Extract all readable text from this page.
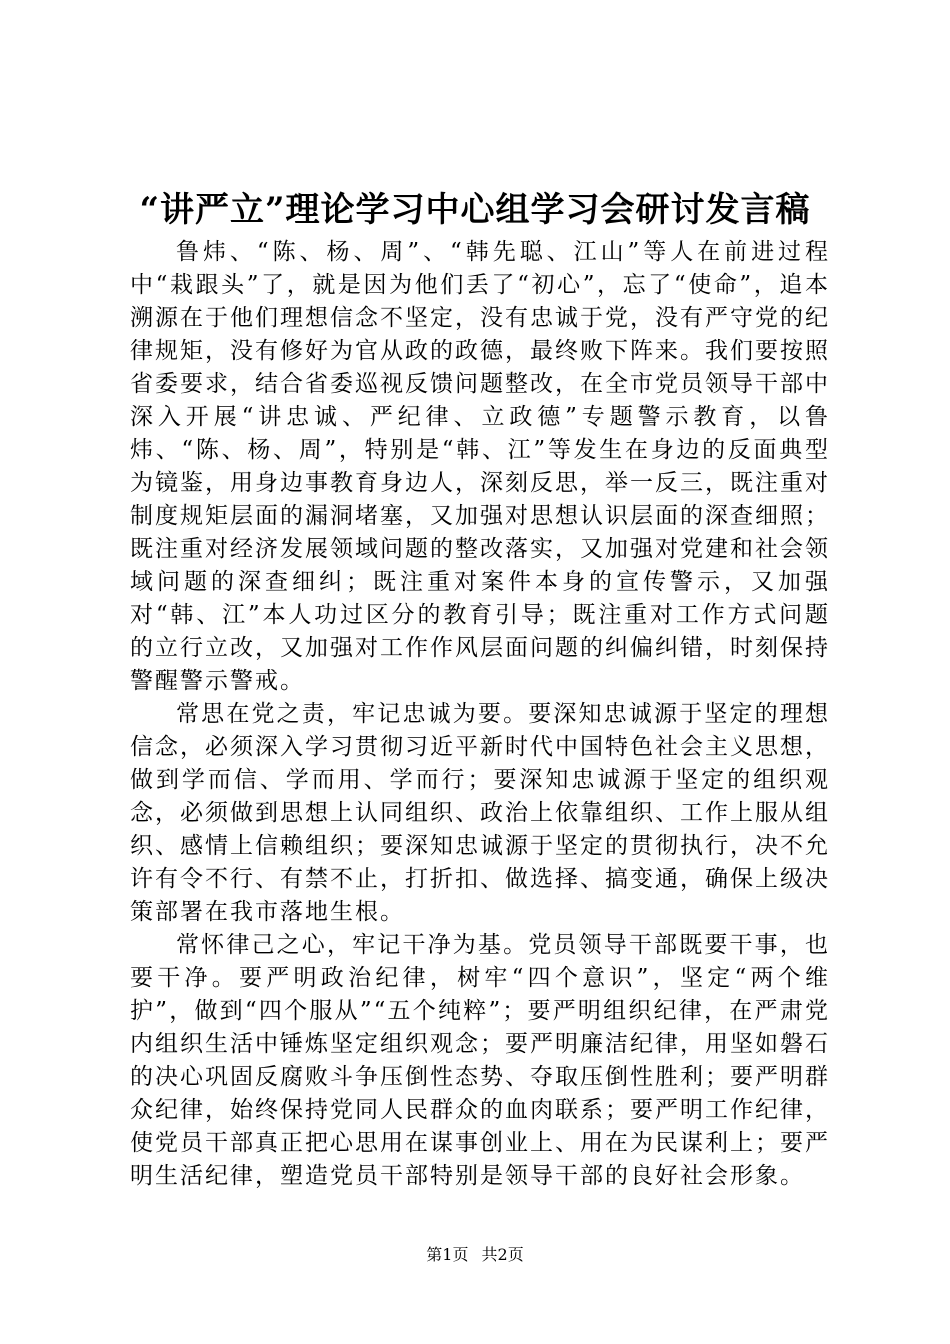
“讲严立”理论学习中心组学习会研讨发言稿

鲁炜、“陈、杨、周”、“韩先聪、江山”等人在前进过程中“栽跟头”了，就是因为他们丢了“初心”，忘了“使命”，追本溯源在于他们理想信念不坚定，没有忠诚于党，没有严守党的纪律规矩，没有修好为官从政的政德，最终败下阵来。我们要按照省委要求，结合省委巡视反馈问题整改，在全市党员领导干部中深入开展“讲忠诚、严纪律、立政德”专题警示教育，以鲁炜、“陈、杨、周”，特别是“韩、江”等发生在身边的反面典型为镜鉴，用身边事教育身边人，深刻反思，举一反三，既注重对制度规矩层面的漏洞堵塞，又加强对思想认识层面的深查细照；既注重对经济发展领域问题的整改落实，又加强对党建和社会领域问题的深查细纠；既注重对案件本身的宣传警示，又加强对“韩、江”本人功过区分的教育引导；既注重对工作方式问题的立行立改，又加强对工作作风层面问题的纠偏纠错，时刻保持警醒警示警戒。

常思在党之责，牢记忠诚为要。要深知忠诚源于坚定的理想信念，必须深入学习贯彻习近平新时代中国特色社会主义思想，做到学而信、学而用、学而行；要深知忠诚源于坚定的组织观念，必须做到思想上认同组织、政治上依靠组织、工作上服从组织、感情上信赖组织；要深知忠诚源于坚定的贯彻执行，决不允许有令不行、有禁不止，打折扣、做选择、搞变通，确保上级决策部署在我市落地生根。

常怀律己之心，牢记干净为基。党员领导干部既要干事，也要干净。要严明政治纪律，树牢“四个意识”，坚定“两个维护”，做到“四个服从”“五个纯粹”；要严明组织纪律，在严肃党内组织生活中锤炼坚定组织观念；要严明廉洁纪律，用坚如磐石的决心巩固反腐败斗争压倒性态势、夺取压倒性胜利；要严明群众纪律，始终保持党同人民群众的血肉联系；要严明工作纪律，使党员干部真正把心思用在谋事创业上、用在为民谋利上；要严明生活纪律，塑造党员干部特别是领导干部的良好社会形象。

第1页 共2页
